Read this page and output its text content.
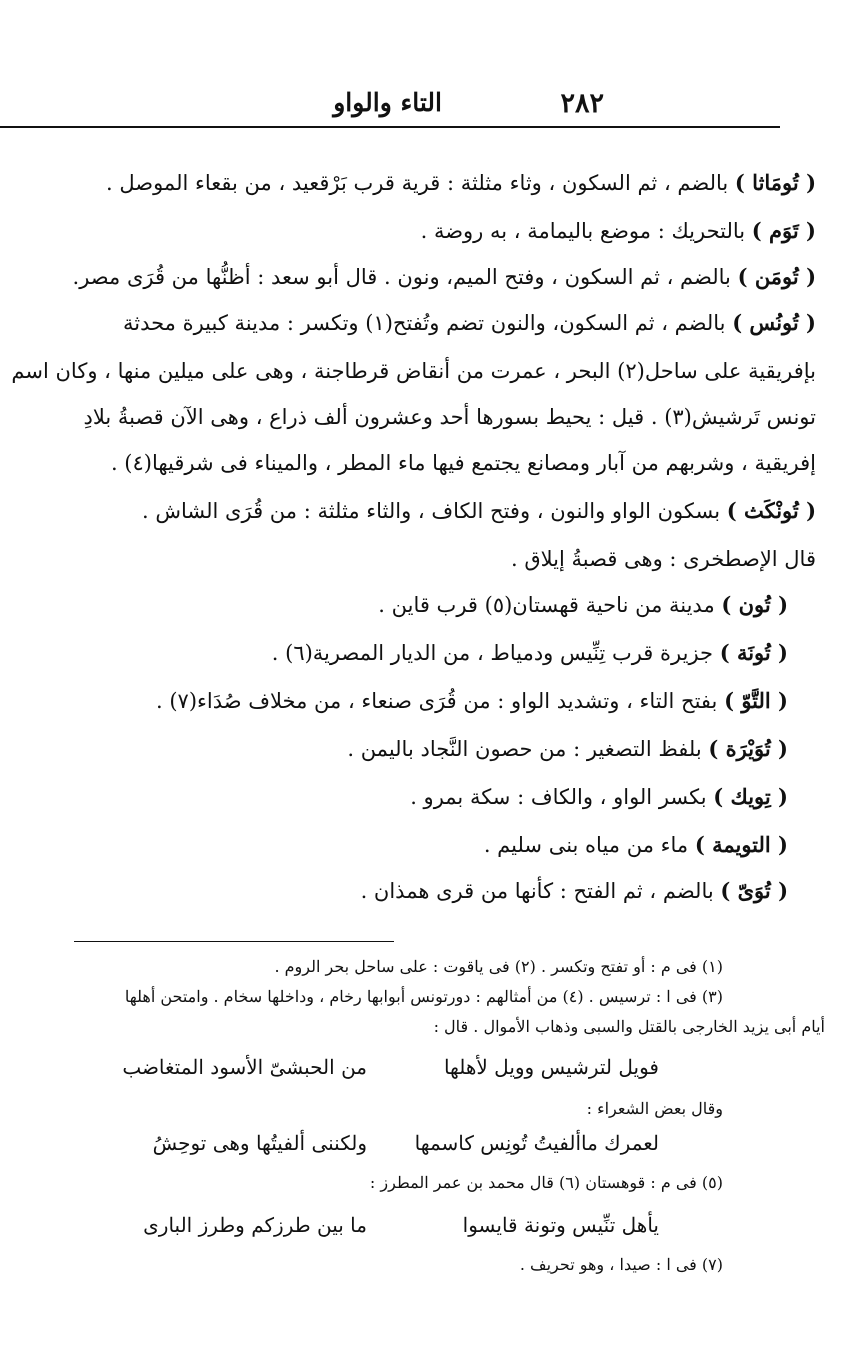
٢٨٢
التاء والواو
( تُومَاثا ) بالضم ، ثم السكون ، وثاء مثلثة : قرية قرب بَرْقعيد ، من بقعاء الموصل .
( تَوَم ) بالتحريك : موضع باليمامة ، به روضة .
( تُومَن ) بالضم ، ثم السكون ، وفتح الميم، ونون . قال أبو سعد : أظنُّها من قُرَى مصر.
( تُونُس ) بالضم ، ثم السكون، والنون تضم وتُفتح(١) وتكسر : مدينة كبيرة محدثة
بإفريقية على ساحل(٢) البحر ، عمرت من أنقاض قرطاجنة ، وهى على ميلين منها ، وكان اسم
تونس تَرشيش(٣) . قيل : يحيط بسورها أحد وعشرون ألف ذراع ، وهى الآن قصبةُ بلادِ
إفريقية ، وشربهم من آبار ومصانع يجتمع فيها ماء المطر ، والميناء فى شرقيها(٤) .
( تُونْكَث ) بسكون الواو والنون ، وفتح الكاف ، والثاء مثلثة : من قُرَى الشاش .
قال الإصطخرى : وهى قصبةُ إيلاق .
( تُون ) مدينة من ناحية قهستان(٥) قرب قاين .
( تُونَة ) جزيرة قرب تِنِّيس ودمياط ، من الديار المصرية(٦) .
( التَّوّ ) بفتح التاء ، وتشديد الواو : من قُرَى صنعاء ، من مخلاف صُدَاء(٧) .
( تُوَيْرَة ) بلفظ التصغير : من حصون النَّجاد باليمن .
( تِويك ) بكسر الواو ، والكاف : سكة بمرو .
( التويمة ) ماء من مياه بنى سليم .
( تُوَىّ ) بالضم ، ثم الفتح : كأنها من قرى همذان .
(١) فى م : أو تفتح وتكسر . (٢) فى ياقوت : على ساحل بحر الروم .
(٣) فى ا : ترسيس . (٤) من أمثالهم : دورتونس أبوابها رخام ، وداخلها سخام . وامتحن أهلها
أيام أبى يزيد الخارجى بالقتل والسبى وذهاب الأموال . قال :
فويل لترشيس وويل لأهلها
من الحبشىّ الأسود المتغاضب
وقال بعض الشعراء :
لعمرك ماألفيتُ تُونِس كاسمها
ولكننى ألفيتُها وهى توحِشُ
(٥) فى م : قوهستان (٦) قال محمد بن عمر المطرز :
يأهل تنِّيس وتونة قايسوا
ما بين طرزكم وطرز البارى
(٧) فى ا : صيدا ، وهو تحريف .
